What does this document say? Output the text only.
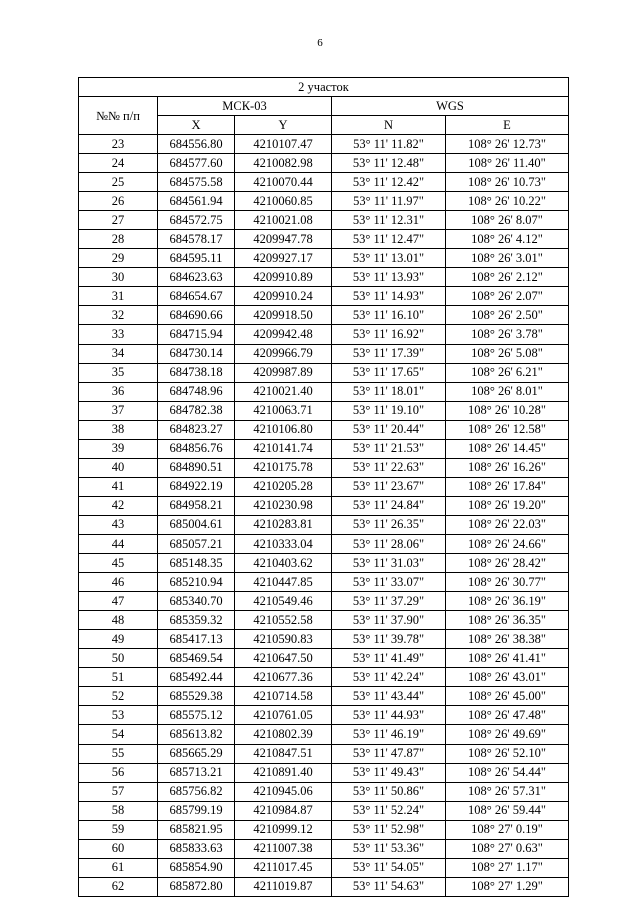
6
2 участок				
№№ п/п	МСК-03		WGS	
	X	Y	N	E
23	684556.80	4210107.47	53° 11' 11.82"	108° 26' 12.73"
24	684577.60	4210082.98	53° 11' 12.48"	108° 26' 11.40"
25	684575.58	4210070.44	53° 11' 12.42"	108° 26' 10.73"
26	684561.94	4210060.85	53° 11' 11.97"	108° 26' 10.22"
27	684572.75	4210021.08	53° 11' 12.31"	108° 26' 8.07"
28	684578.17	4209947.78	53° 11' 12.47"	108° 26' 4.12"
29	684595.11	4209927.17	53° 11' 13.01"	108° 26' 3.01"
30	684623.63	4209910.89	53° 11' 13.93"	108° 26' 2.12"
31	684654.67	4209910.24	53° 11' 14.93"	108° 26' 2.07"
32	684690.66	4209918.50	53° 11' 16.10"	108° 26' 2.50"
33	684715.94	4209942.48	53° 11' 16.92"	108° 26' 3.78"
34	684730.14	4209966.79	53° 11' 17.39"	108° 26' 5.08"
35	684738.18	4209987.89	53° 11' 17.65"	108° 26' 6.21"
36	684748.96	4210021.40	53° 11' 18.01"	108° 26' 8.01"
37	684782.38	4210063.71	53° 11' 19.10"	108° 26' 10.28"
38	684823.27	4210106.80	53° 11' 20.44"	108° 26' 12.58"
39	684856.76	4210141.74	53° 11' 21.53"	108° 26' 14.45"
40	684890.51	4210175.78	53° 11' 22.63"	108° 26' 16.26"
41	684922.19	4210205.28	53° 11' 23.67"	108° 26' 17.84"
42	684958.21	4210230.98	53° 11' 24.84"	108° 26' 19.20"
43	685004.61	4210283.81	53° 11' 26.35"	108° 26' 22.03"
44	685057.21	4210333.04	53° 11' 28.06"	108° 26' 24.66"
45	685148.35	4210403.62	53° 11' 31.03"	108° 26' 28.42"
46	685210.94	4210447.85	53° 11' 33.07"	108° 26' 30.77"
47	685340.70	4210549.46	53° 11' 37.29"	108° 26' 36.19"
48	685359.32	4210552.58	53° 11' 37.90"	108° 26' 36.35"
49	685417.13	4210590.83	53° 11' 39.78"	108° 26' 38.38"
50	685469.54	4210647.50	53° 11' 41.49"	108° 26' 41.41"
51	685492.44	4210677.36	53° 11' 42.24"	108° 26' 43.01"
52	685529.38	4210714.58	53° 11' 43.44"	108° 26' 45.00"
53	685575.12	4210761.05	53° 11' 44.93"	108° 26' 47.48"
54	685613.82	4210802.39	53° 11' 46.19"	108° 26' 49.69"
55	685665.29	4210847.51	53° 11' 47.87"	108° 26' 52.10"
56	685713.21	4210891.40	53° 11' 49.43"	108° 26' 54.44"
57	685756.82	4210945.06	53° 11' 50.86"	108° 26' 57.31"
58	685799.19	4210984.87	53° 11' 52.24"	108° 26' 59.44"
59	685821.95	4210999.12	53° 11' 52.98"	108° 27' 0.19"
60	685833.63	4211007.38	53° 11' 53.36"	108° 27' 0.63"
61	685854.90	4211017.45	53° 11' 54.05"	108° 27' 1.17"
62	685872.80	4211019.87	53° 11' 54.63"	108° 27' 1.29"
